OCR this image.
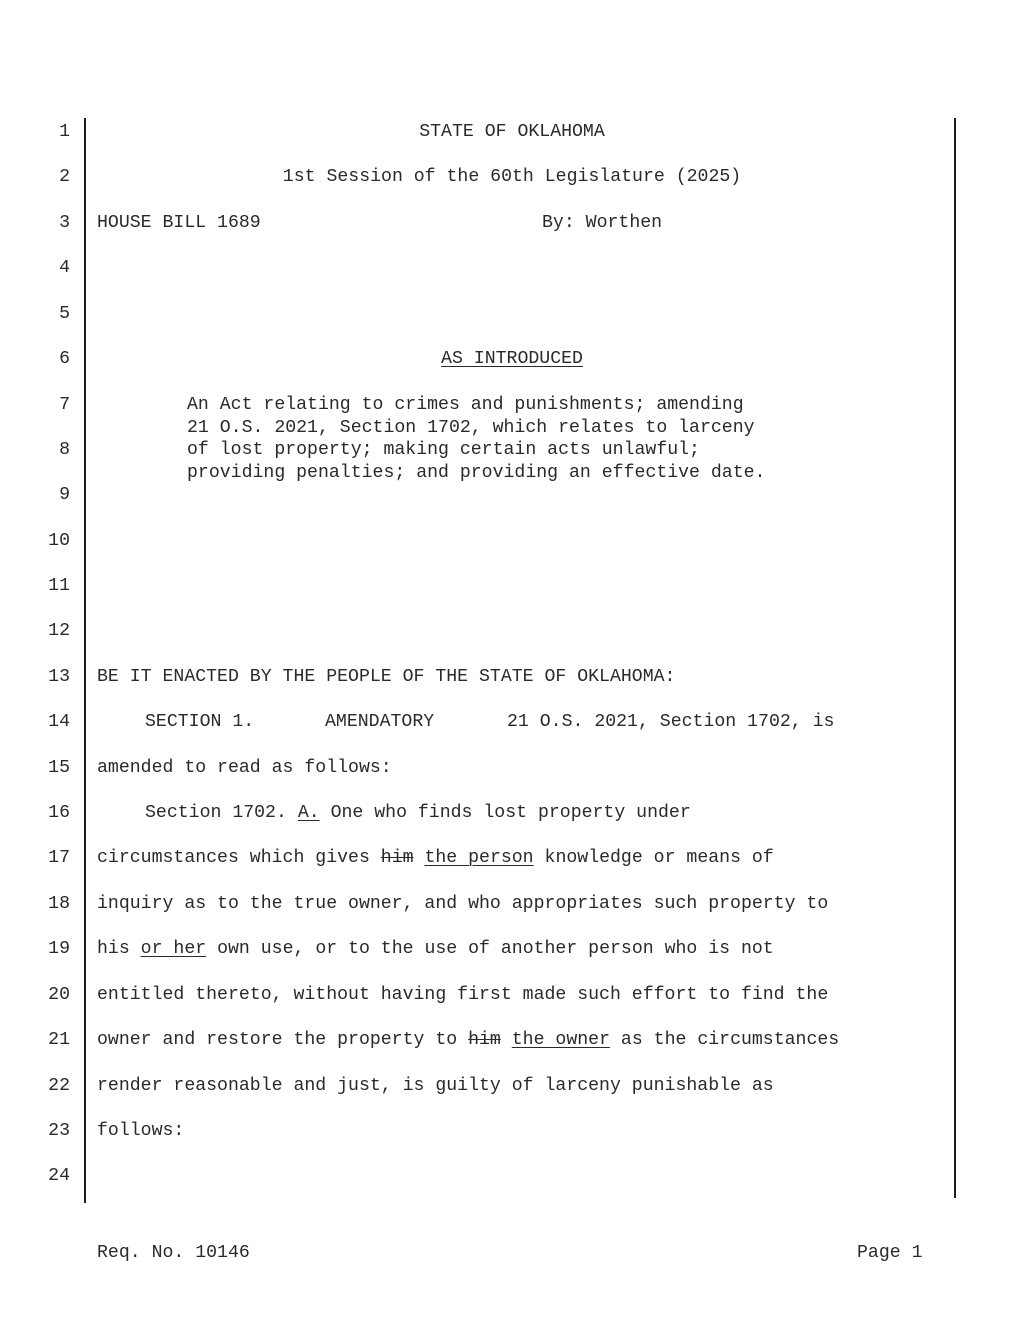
1
2
3
4
5
6
7
8
9
10
11
12
13
14
15
16
17
18
19
20
21
22
23
24
STATE OF OKLAHOMA
1st Session of the 60th Legislature (2025)
HOUSE BILL 1689	By: Worthen
AS INTRODUCED
An Act relating to crimes and punishments; amending
21 O.S. 2021, Section 1702, which relates to larceny
of lost property; making certain acts unlawful;
providing penalties; and providing an effective date.
BE IT ENACTED BY THE PEOPLE OF THE STATE OF OKLAHOMA:
SECTION 1.	AMENDATORY	21 O.S. 2021, Section 1702, is
amended to read as follows:
Section 1702. A. One who finds lost property under
circumstances which gives him the person knowledge or means of
inquiry as to the true owner, and who appropriates such property to
his or her own use, or to the use of another person who is not
entitled thereto, without having first made such effort to find the
owner and restore the property to him the owner as the circumstances
render reasonable and just, is guilty of larceny punishable as
follows:
Req. No. 10146	Page 1
